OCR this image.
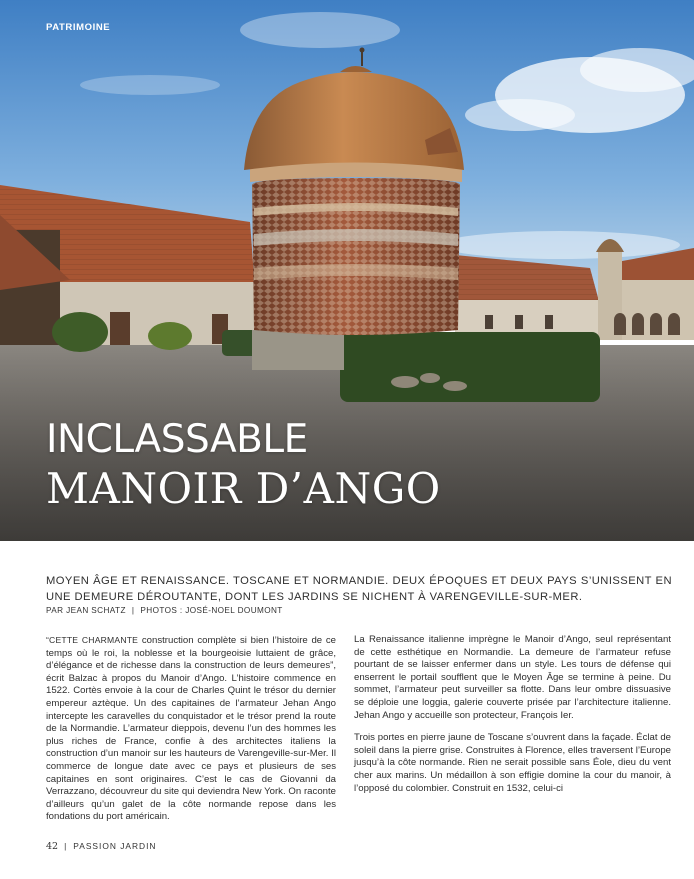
PATRIMOINE
INCLASSABLE
MANOIR D’ANGO

MOYEN ÂGE ET RENAISSANCE. TOSCANE ET NORMANDIE. DEUX ÉPOQUES ET DEUX PAYS S’UNISSENT EN UNE DEMEURE DÉROUTANTE, DONT LES JARDINS SE NICHENT À VARENGEVILLE-SUR-MER.

PAR JEAN SCHATZ | PHOTOS : JOSÉ-NOEL DOUMONT

“CETTE CHARMANTE construction complète si bien l’histoire de ce temps où le roi, la noblesse et la bourgeoisie luttaient de grâce, d’élégance et de richesse dans la construction de leurs demeures”, écrit Balzac à propos du Manoir d’Ango. L’histoire commence en 1522. Cortès envoie à la cour de Charles Quint le trésor du dernier empereur aztèque. Un des capitaines de l’armateur Jehan Ango intercepte les caravelles du conquistador et le trésor prend la route de la Normandie. L’armateur dieppois, devenu l’un des hommes les plus riches de France, confie à des architectes italiens la construction d’un manoir sur les hauteurs de Varengeville-sur-Mer. Il commerce de longue date avec ce pays et plusieurs de ses capitaines en sont originaires. C’est le cas de Giovanni da Verrazzano, découvreur du site qui deviendra New York. On raconte d’ailleurs qu’un galet de la côte normande repose dans les fondations du port américain.

La Renaissance italienne imprègne le Manoir d’Ango, seul représentant de cette esthétique en Normandie. La demeure de l’armateur refuse pourtant de se laisser enfermer dans un style. Les tours de défense qui enserrent le portail soufflent que le Moyen Âge se termine à peine. Du sommet, l’armateur peut surveiller sa flotte. Dans leur ombre dissuasive se déploie une loggia, galerie couverte prisée par l’architecture italienne. Jehan Ango y accueille son protecteur, François Ier.

Trois portes en pierre jaune de Toscane s’ouvrent dans la façade. Éclat de soleil dans la pierre grise. Construites à Florence, elles traversent l’Europe jusqu’à la côte normande. Rien ne serait possible sans Éole, dieu du vent cher aux marins. Un médaillon à son effigie domine la cour du manoir, à l’opposé du colombier. Construit en 1532, celui-ci

42 | PASSION JARDIN
